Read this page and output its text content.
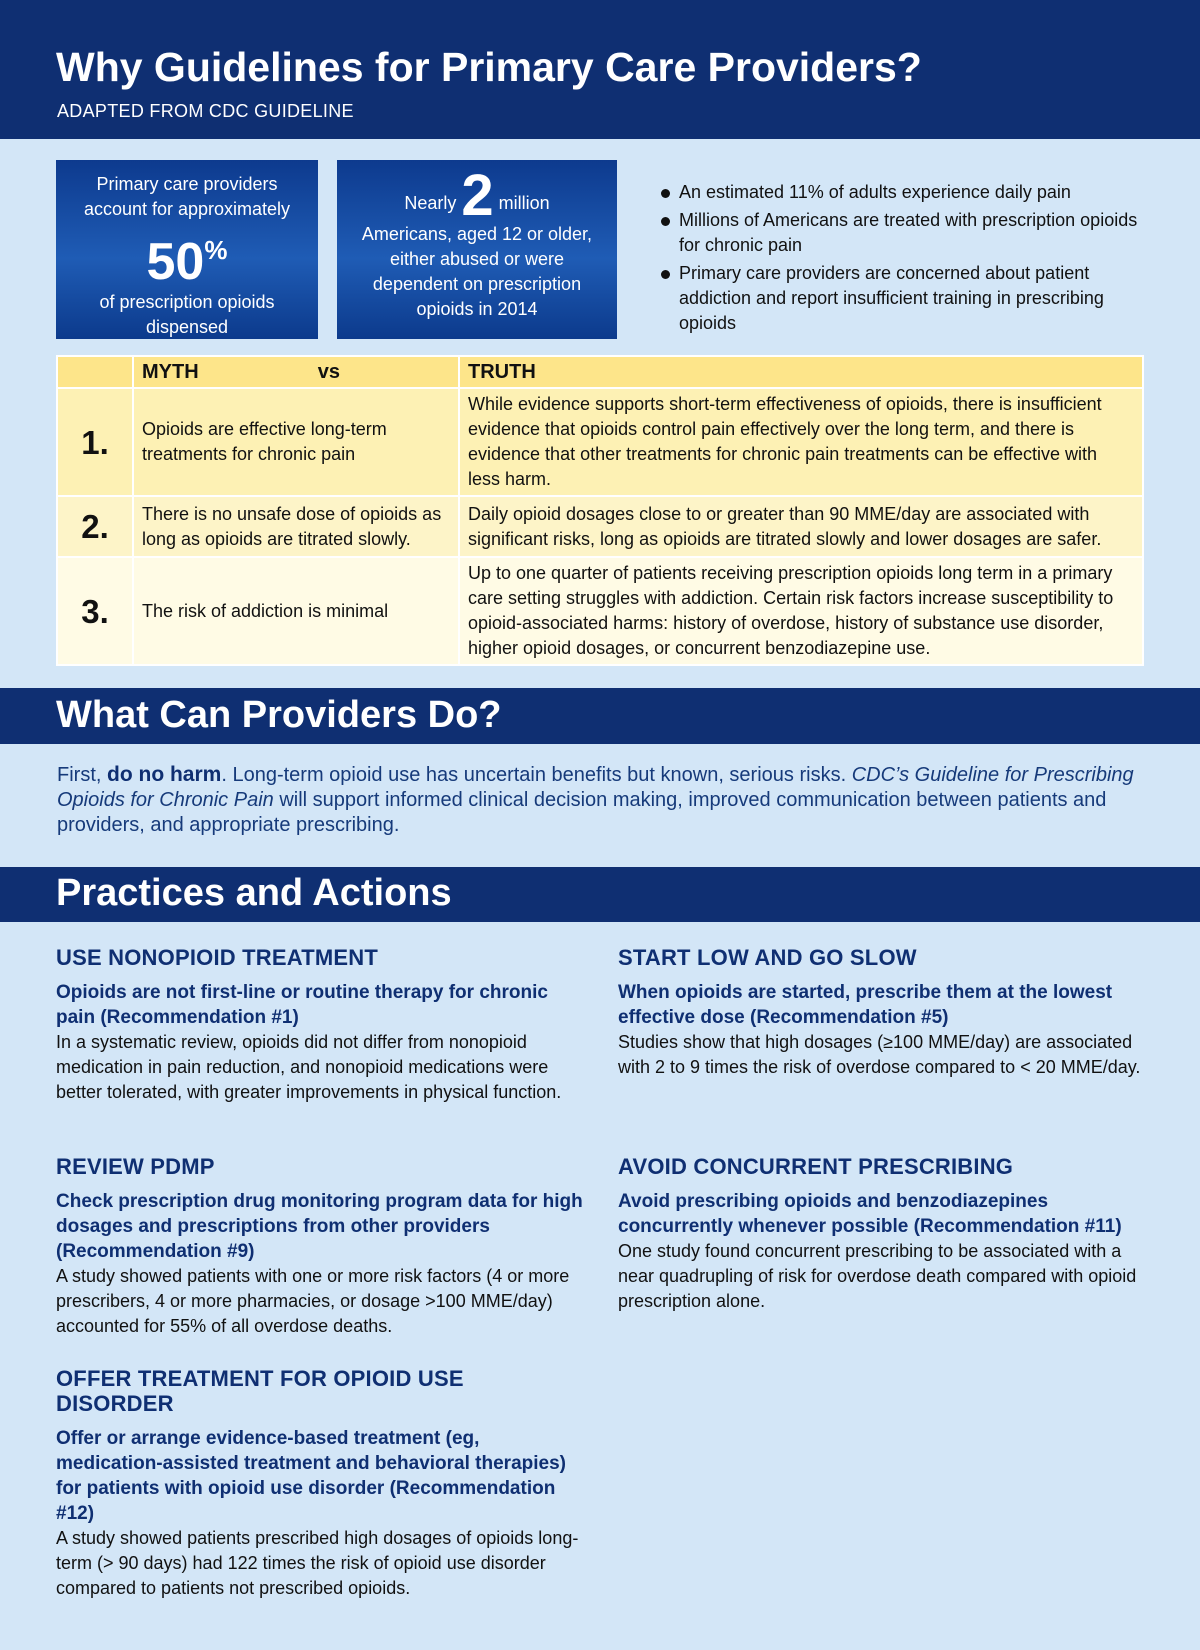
Why Guidelines for Primary Care Providers?
ADAPTED FROM CDC GUIDELINE
Primary care providers account for approximately
50%
of prescription opioids dispensed
Nearly 2 million
Americans, aged 12 or older, either abused or were dependent on prescription opioids in 2014
An estimated 11% of adults experience daily pain
Millions of Americans are treated with prescription opioids for chronic pain
Primary care providers are concerned about patient addiction and report insufficient training in prescribing opioids

	MYTH vs	TRUTH
1.	Opioids are effective long-term treatments for chronic pain	While evidence supports short-term effectiveness of opioids, there is insufficient evidence that opioids control pain effectively over the long term, and there is evidence that other treatments for chronic pain treatments can be effective with less harm.
2.	There is no unsafe dose of opioids as long as opioids are titrated slowly.	Daily opioid dosages close to or greater than 90 MME/day are associated with significant risks, long as opioids are titrated slowly and lower dosages are safer.
3.	The risk of addiction is minimal	Up to one quarter of patients receiving prescription opioids long term in a primary care setting struggles with addiction. Certain risk factors increase susceptibility to opioid-associated harms: history of overdose, history of substance use disorder, higher opioid dosages, or concurrent benzodiazepine use.
What Can Providers Do?

First, do no harm. Long-term opioid use has uncertain benefits but known, serious risks. CDC’s Guideline for Prescribing Opioids for Chronic Pain will support informed clinical decision making, improved communication between patients and providers, and appropriate prescribing.

Practices and Actions
USE NONOPIOID TREATMENT

Opioids are not first-line or routine therapy for chronic pain (Recommendation #1)

In a systematic review, opioids did not differ from nonopioid medication in pain reduction, and nonopioid medications were better tolerated, with greater improvements in physical function.

START LOW AND GO SLOW

When opioids are started, prescribe them at the lowest effective dose (Recommendation #5)

Studies show that high dosages (≥100 MME/day) are associated with 2 to 9 times the risk of overdose compared to < 20 MME/day.

REVIEW PDMP

Check prescription drug monitoring program data for high dosages and prescriptions from other providers (Recommendation #9)

A study showed patients with one or more risk factors (4 or more prescribers, 4 or more pharmacies, or dosage >100 MME/day) accounted for 55% of all overdose deaths.

AVOID CONCURRENT PRESCRIBING

Avoid prescribing opioids and benzodiazepines concurrently whenever possible (Recommendation #11)

One study found concurrent prescribing to be associated with a near quadrupling of risk for overdose death compared with opioid prescription alone.

OFFER TREATMENT FOR OPIOID USE DISORDER

Offer or arrange evidence-based treatment (eg, medication-assisted treatment and behavioral therapies) for patients with opioid use disorder (Recommendation #12)

A study showed patients prescribed high dosages of opioids long-term (> 90 days) had 122 times the risk of opioid use disorder compared to patients not prescribed opioids.
